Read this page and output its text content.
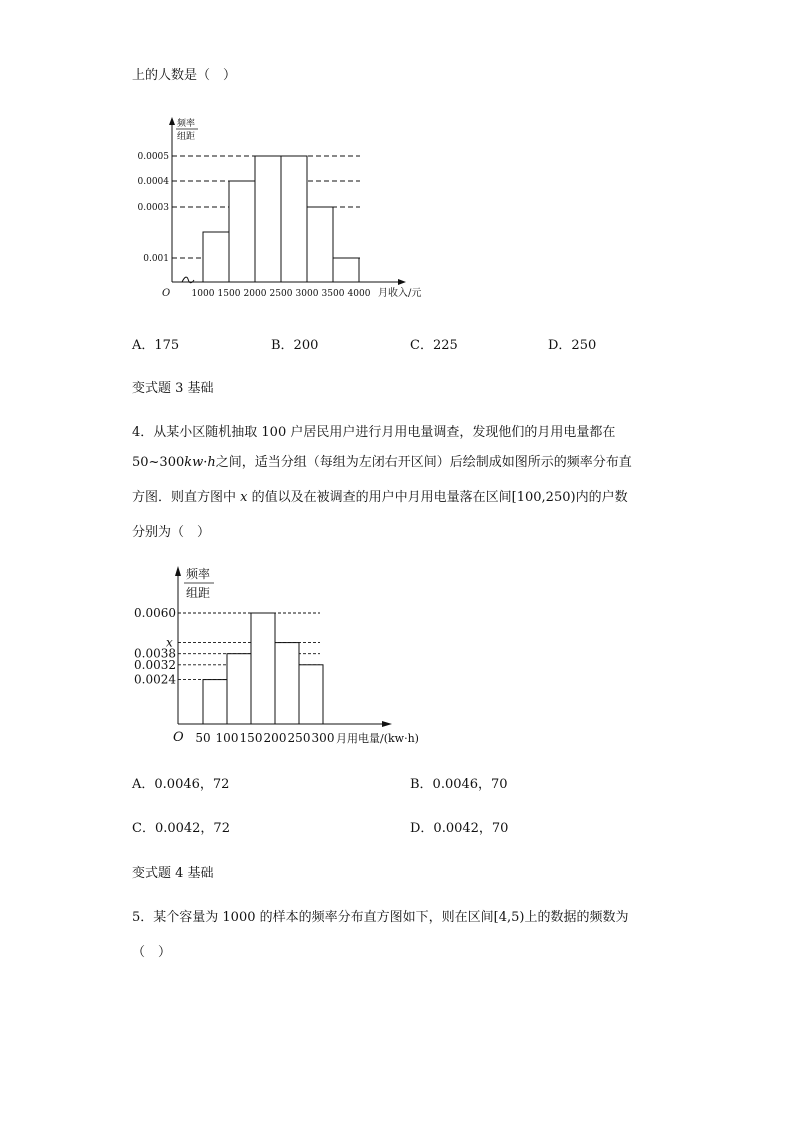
上的人数是（　）
频率
组距
0.0005
0.0004
0.0003
0.001
1000 1500 2000 2500 3000 3500 4000 月收入/元
O
A．175	B．200	C．225	D．250
变式题 3 基础
4．从某小区随机抽取 100 户居民用户进行月用电量调查，发现他们的月用电量都在
50~300kw·h之间，适当分组（每组为左闭右开区间）后绘制成如图所示的频率分布直
方图．则直方图中 x 的值以及在被调查的用户中月用电量落在区间[100,250)内的户数
分别为（　）
频率
组距
0.0060
x
0.0038
0.0032
0.0024
50 100 150 200 250 300 月用电量/(kw·h)
O
A．0.0046，72	B．0.0046，70
C．0.0042，72	D．0.0042，70
变式题 4 基础
5．某个容量为 1000 的样本的频率分布直方图如下，则在区间[4,5)上的数据的频数为
（　）
